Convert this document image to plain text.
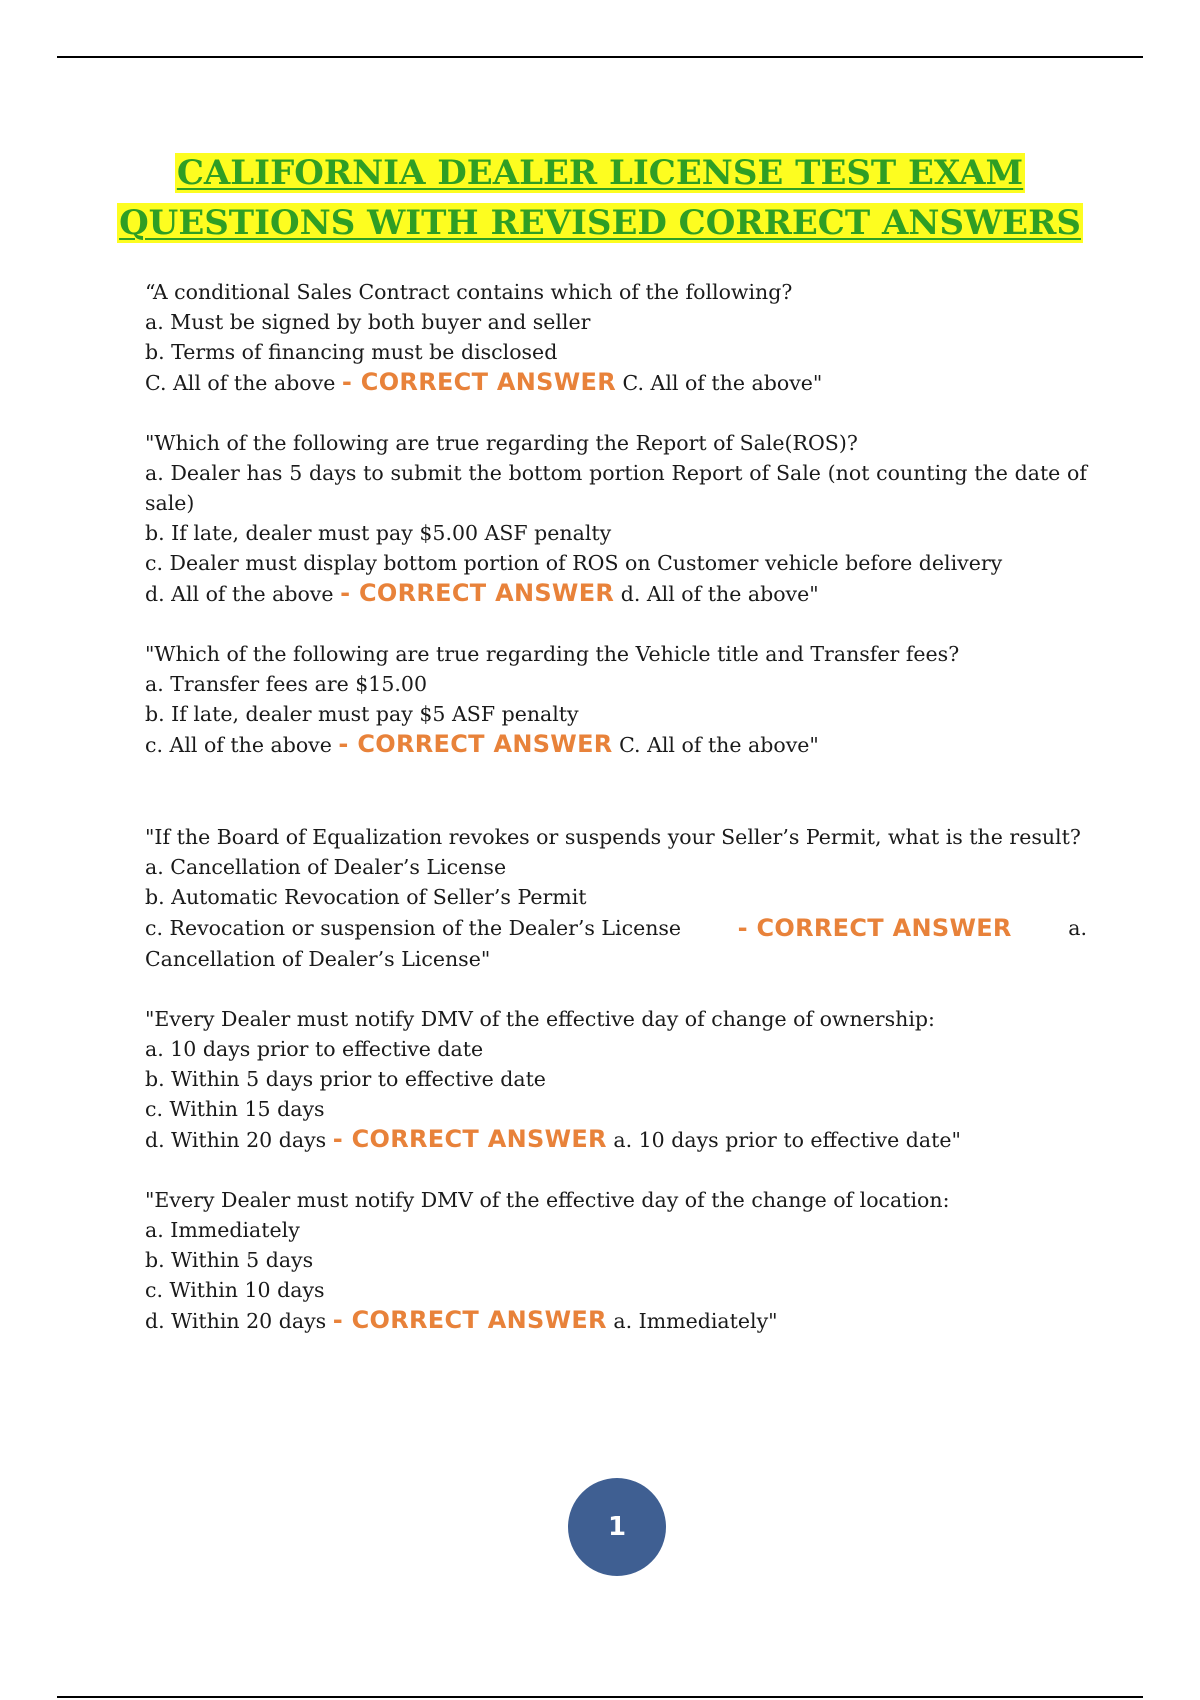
CALIFORNIA DEALER LICENSE TEST EXAM
QUESTIONS WITH REVISED CORRECT ANSWERS
“A conditional Sales Contract contains which of the following?
a. Must be signed by both buyer and seller
b. Terms of financing must be disclosed
C. All of the above - CORRECT ANSWER C. All of the above"
"Which of the following are true regarding the Report of Sale(ROS)?
a. Dealer has 5 days to submit the bottom portion Report of Sale (not counting the date of sale)
b. If late, dealer must pay $5.00 ASF penalty
c. Dealer must display bottom portion of ROS on Customer vehicle before delivery
d. All of the above - CORRECT ANSWER d. All of the above"
"Which of the following are true regarding the Vehicle title and Transfer fees?
a. Transfer fees are $15.00
b. If late, dealer must pay $5 ASF penalty
c. All of the above - CORRECT ANSWER C. All of the above"
"If the Board of Equalization revokes or suspends your Seller’s Permit, what is the result?
a. Cancellation of Dealer’s License
b. Automatic Revocation of Seller’s Permit
c. Revocation or suspension of the Dealer’s License - CORRECT ANSWER	a.
Cancellation of Dealer’s License"
"Every Dealer must notify DMV of the effective day of change of ownership:
a. 10 days prior to effective date
b. Within 5 days prior to effective date
c. Within 15 days
d. Within 20 days - CORRECT ANSWER a. 10 days prior to effective date"
"Every Dealer must notify DMV of the effective day of the change of location:
a. Immediately
b. Within 5 days
c. Within 10 days
d. Within 20 days - CORRECT ANSWER a. Immediately"
1
